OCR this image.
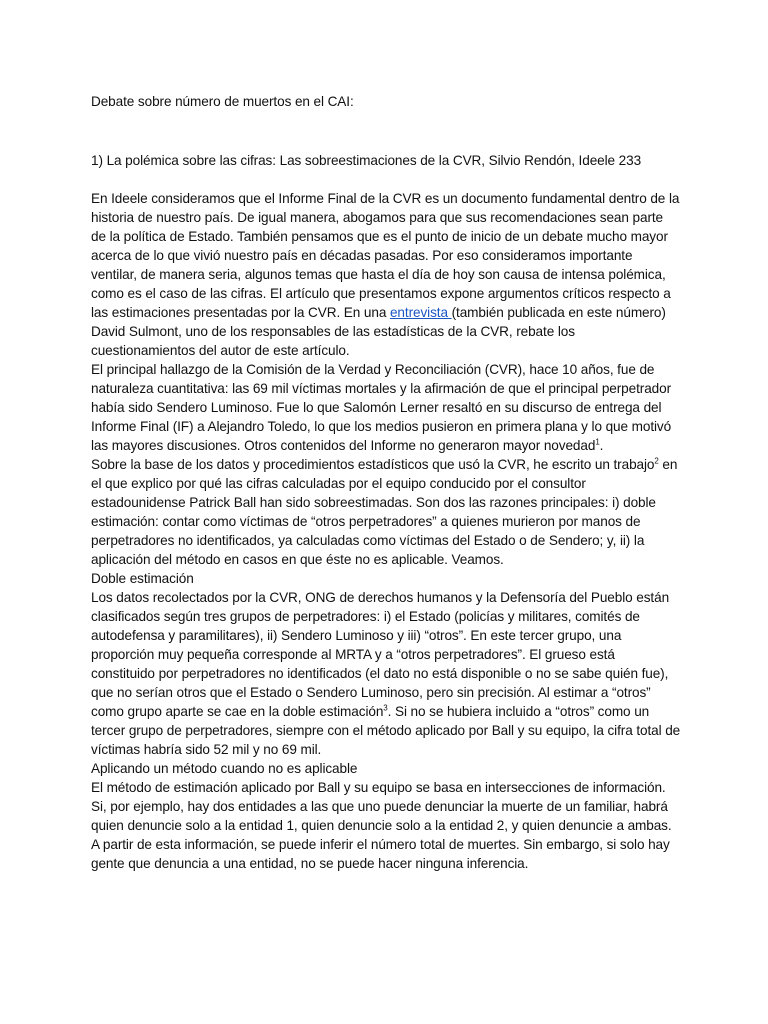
Debate sobre número de muertos en el CAI:

1) La polémica sobre las cifras: Las sobreestimaciones de la CVR, Silvio Rendón, Ideele 233

En Ideele consideramos que el Informe Final de la CVR es un documento fundamental dentro de la historia de nuestro país. De igual manera, abogamos para que sus recomendaciones sean parte de la política de Estado. También pensamos que es el punto de inicio de un debate mucho mayor acerca de lo que vivió nuestro país en décadas pasadas. Por eso consideramos importante ventilar, de manera seria, algunos temas que hasta el día de hoy son causa de intensa polémica, como es el caso de las cifras. El artículo que presentamos expone argumentos críticos respecto a las estimaciones presentadas por la CVR. En una entrevista (también publicada en este número) David Sulmont, uno de los responsables de las estadísticas de la CVR, rebate los cuestionamientos del autor de este artículo.

El principal hallazgo de la Comisión de la Verdad y Reconciliación (CVR), hace 10 años, fue de naturaleza cuantitativa: las 69 mil víctimas mortales y la afirmación de que el principal perpetrador había sido Sendero Luminoso. Fue lo que Salomón Lerner resaltó en su discurso de entrega del Informe Final (IF) a Alejandro Toledo, lo que los medios pusieron en primera plana y lo que motivó las mayores discusiones. Otros contenidos del Informe no generaron mayor novedad$^1$.

Sobre la base de los datos y procedimientos estadísticos que usó la CVR, he escrito un trabajo$^2$ en el que explico por qué las cifras calculadas por el equipo conducido por el consultor estadounidense Patrick Ball han sido sobreestimadas. Son dos las razones principales: i) doble estimación: contar como víctimas de “otros perpetradores” a quienes murieron por manos de perpetradores no identificados, ya calculadas como víctimas del Estado o de Sendero; y, ii) la aplicación del método en casos en que éste no es aplicable. Veamos.

Doble estimación

Los datos recolectados por la CVR, ONG de derechos humanos y la Defensoría del Pueblo están clasificados según tres grupos de perpetradores: i) el Estado (policías y militares, comités de autodefensa y paramilitares), ii) Sendero Luminoso y iii) “otros”. En este tercer grupo, una proporción muy pequeña corresponde al MRTA y a “otros perpetradores”. El grueso está constituido por perpetradores no identificados (el dato no está disponible o no se sabe quién fue), que no serían otros que el Estado o Sendero Luminoso, pero sin precisión. Al estimar a “otros” como grupo aparte se cae en la doble estimación$^3$. Si no se hubiera incluido a “otros” como un tercer grupo de perpetradores, siempre con el método aplicado por Ball y su equipo, la cifra total de víctimas habría sido 52 mil y no 69 mil.

Aplicando un método cuando no es aplicable

El método de estimación aplicado por Ball y su equipo se basa en intersecciones de información. Si, por ejemplo, hay dos entidades a las que uno puede denunciar la muerte de un familiar, habrá quien denuncie solo a la entidad 1, quien denuncie solo a la entidad 2, y quien denuncie a ambas. A partir de esta información, se puede inferir el número total de muertes. Sin embargo, si solo hay gente que denuncia a una entidad, no se puede hacer ninguna inferencia.
